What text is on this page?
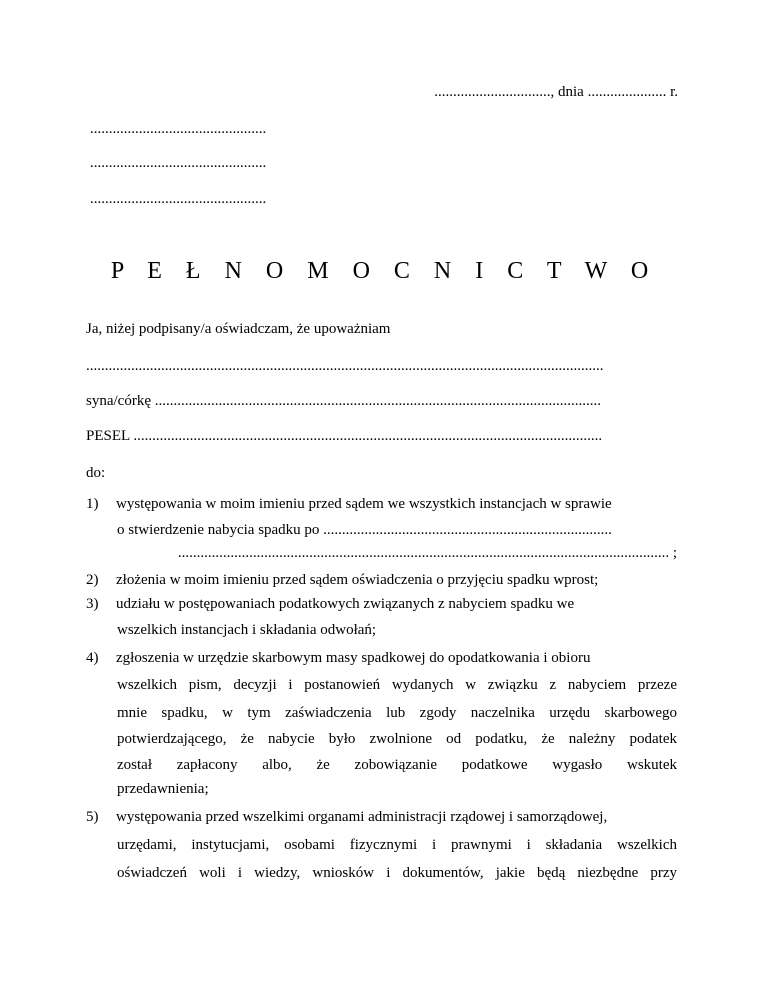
..............................., dnia ..................... r.
...............................................
...............................................
...............................................
P E Ł N O M O C N I C T W O
Ja, niżej podpisany/a oświadczam, że upoważniam
..........................................................................................................................................
syna/córkę .......................................................................................................................
PESEL .............................................................................................................................
do:
1) występowania w moim imieniu przed sądem we wszystkich instancjach w sprawie
o stwierdzenie nabycia spadku po .............................................................................
................................................................................................................................... ;
2) złożenia w moim imieniu przed sądem oświadczenia o przyjęciu spadku wprost;
3) udziału w postępowaniach podatkowych związanych z nabyciem spadku we
wszelkich instancjach i składania odwołań;
4) zgłoszenia w urzędzie skarbowym masy spadkowej do opodatkowania i obioru
wszelkich pism, decyzji i postanowień wydanych w związku z nabyciem przeze
mnie spadku, w tym zaświadczenia lub zgody naczelnika urzędu skarbowego
potwierdzającego, że nabycie było zwolnione od podatku, że należny podatek
został zapłacony albo, że zobowiązanie podatkowe wygasło wskutek
przedawnienia;
5) występowania przed wszelkimi organami administracji rządowej i samorządowej,
urzędami, instytucjami, osobami fizycznymi i prawnymi i składania wszelkich
oświadczeń woli i wiedzy, wniosków i dokumentów, jakie będą niezbędne przy
